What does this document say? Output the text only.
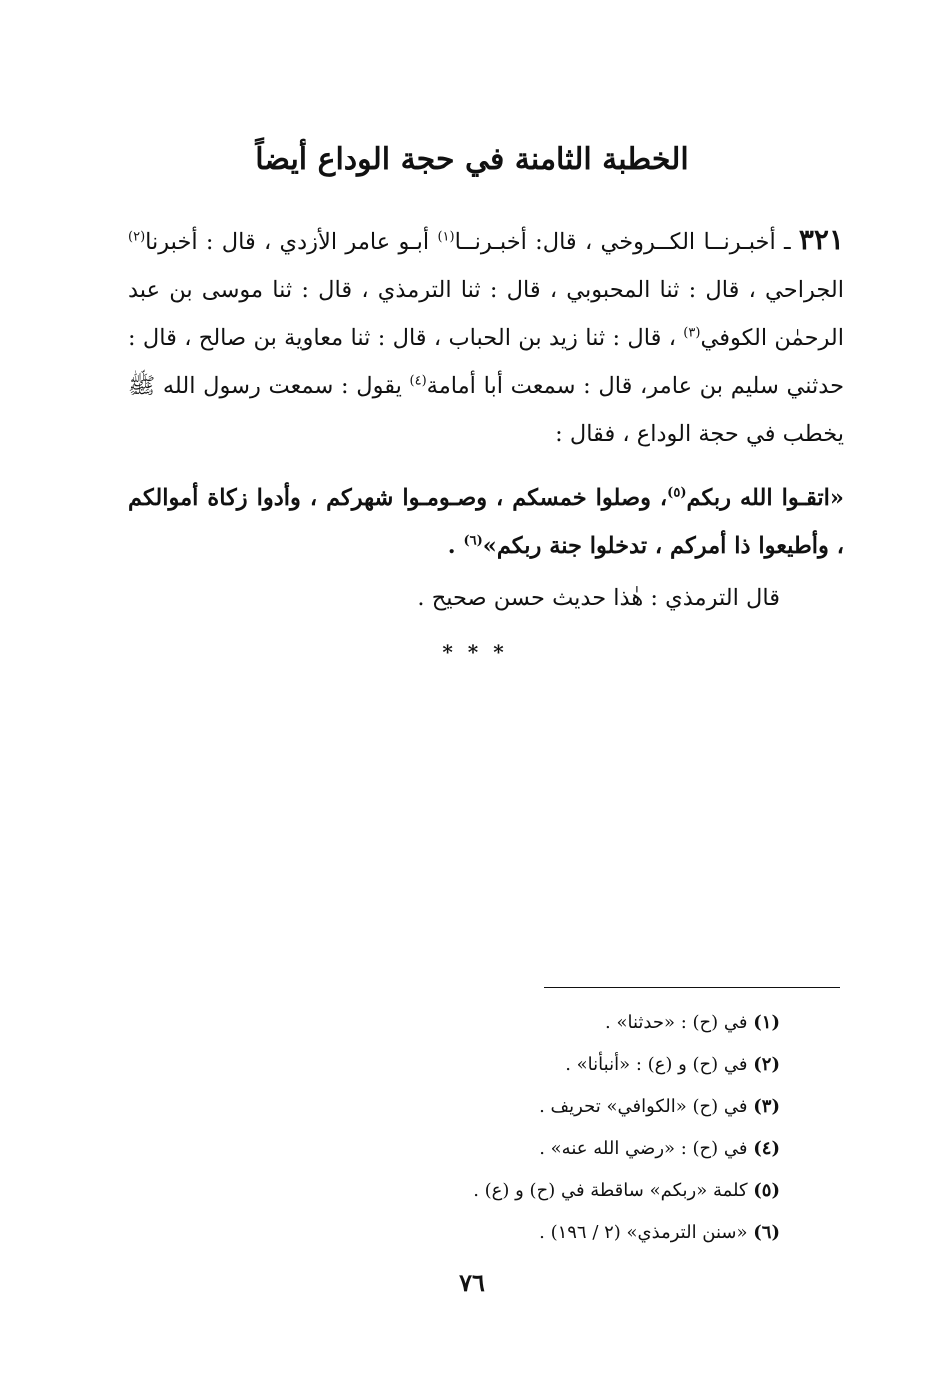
الخطبة الثامنة في حجة الوداع أيضاً

٣٢١ ـ أخبـرنــا الكــروخي ، قال: أخبـرنــا$^{(١)}$ أبـو عامر الأزدي ، قال : أخبرنا$^{(٢)}$ الجراحي ، قال : ثنا المحبوبي ، قال : ثنا الترمذي ، قال : ثنا موسى بن عبد الرحمٰن الكوفي$^{(٣)}$ ، قال : ثنا زيد بن الحباب ، قال : ثنا معاوية بن صالح ، قال : حدثني سليم بن عامر، قال : سمعت أبا أمامة$^{(٤)}$ يقول : سمعت رسول الله ﷺ يخطب في حجة الوداع ، فقال :

«اتقـوا الله ربكم$^{(٥)}$، وصلوا خمسكم ، وصـومـوا شهركم ، وأدوا زكاة أموالكم ، وأطيعوا ذا أمركم ، تدخلوا جنة ربكم»$^{(٦)}$ .

قال الترمذي : هٰذا حديث حسن صحيح .
* * *
(١) في (ح) : «حدثنا» .
(٢) في (ح) و (ع) : «أنبأنا» .
(٣) في (ح) «الكوافي» تحريف .
(٤) في (ح) : «رضي الله عنه» .
(٥) كلمة «ربكم» ساقطة في (ح) و (ع) .
(٦) «سنن الترمذي» (٢ / ١٩٦) .
٧٦
